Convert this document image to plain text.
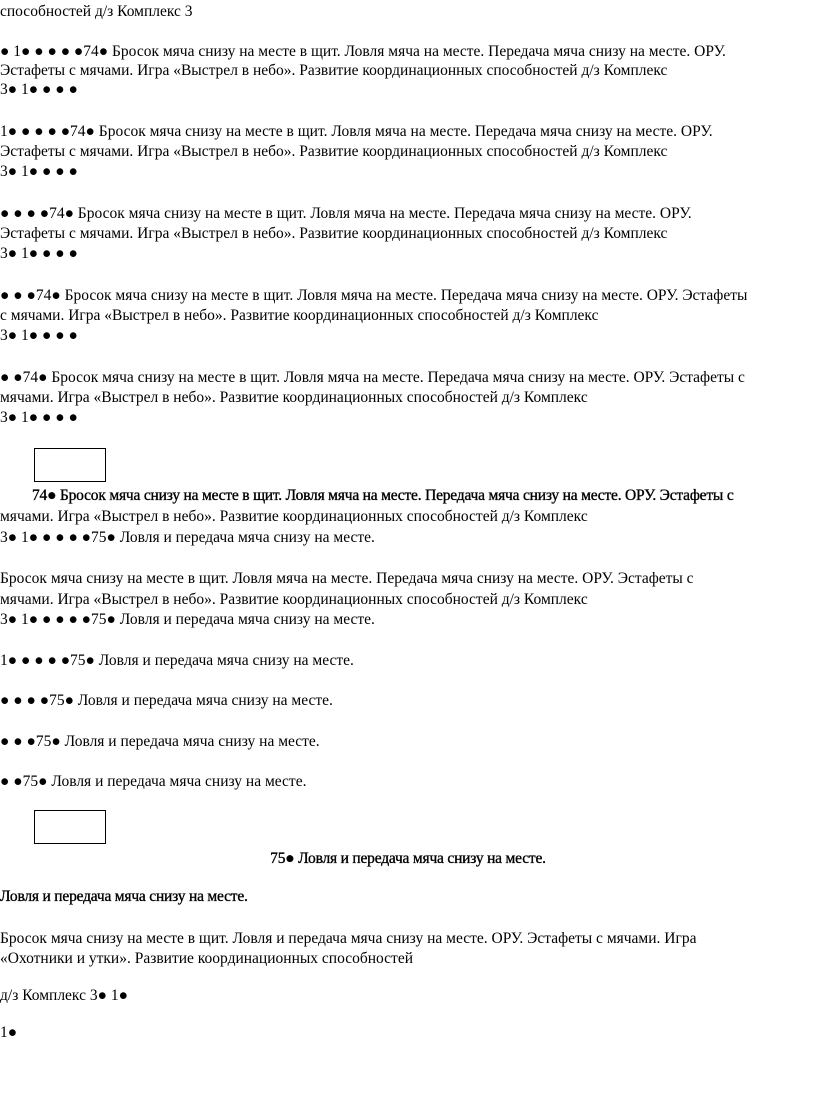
способностей д/з Комплекс 3
● 1● ● ● ● ●74● Бросок мяча снизу на месте в щит. Ловля мяча на месте. Передача мяча снизу на месте. ОРУ.
Эстафеты с мячами. Игра «Выстрел в небо». Развитие координационных способностей д/з Комплекс
3● 1● ● ● ●
1● ● ● ● ●74● Бросок мяча снизу на месте в щит. Ловля мяча на месте. Передача мяча снизу на месте. ОРУ.
Эстафеты с мячами. Игра «Выстрел в небо». Развитие координационных способностей д/з Комплекс
3● 1● ● ● ●
● ● ● ●74● Бросок мяча снизу на месте в щит. Ловля мяча на месте. Передача мяча снизу на месте. ОРУ.
Эстафеты с мячами. Игра «Выстрел в небо». Развитие координационных способностей д/з Комплекс
3● 1● ● ● ●
● ● ●74● Бросок мяча снизу на месте в щит. Ловля мяча на месте. Передача мяча снизу на месте. ОРУ. Эстафеты
с мячами. Игра «Выстрел в небо». Развитие координационных способностей д/з Комплекс
3● 1● ● ● ●
● ●74● Бросок мяча снизу на месте в щит. Ловля мяча на месте. Передача мяча снизу на месте. ОРУ. Эстафеты с
мячами. Игра «Выстрел в небо». Развитие координационных способностей д/з Комплекс
3● 1● ● ● ●
74● Бросок мяча снизу на месте в щит. Ловля мяча на месте. Передача мяча снизу на месте. ОРУ. Эстафеты с
мячами. Игра «Выстрел в небо». Развитие координационных способностей д/з Комплекс
3● 1● ● ● ● ●75● Ловля и передача мяча снизу на месте.
Бросок мяча снизу на месте в щит. Ловля мяча на месте. Передача мяча снизу на месте. ОРУ. Эстафеты с
мячами. Игра «Выстрел в небо». Развитие координационных способностей д/з Комплекс
3● 1● ● ● ● ●75● Ловля и передача мяча снизу на месте.
1● ● ● ● ●75● Ловля и передача мяча снизу на месте.
● ● ● ●75● Ловля и передача мяча снизу на месте.
● ● ●75● Ловля и передача мяча снизу на месте.
● ●75● Ловля и передача мяча снизу на месте.
75● Ловля и передача мяча снизу на месте.
Ловля и передача мяча снизу на месте.
Бросок мяча снизу на месте в щит. Ловля и передача мяча снизу на месте. ОРУ. Эстафеты с мячами. Игра
«Охотники и утки». Развитие координационных способностей
д/з Комплекс 3● 1●
1●
